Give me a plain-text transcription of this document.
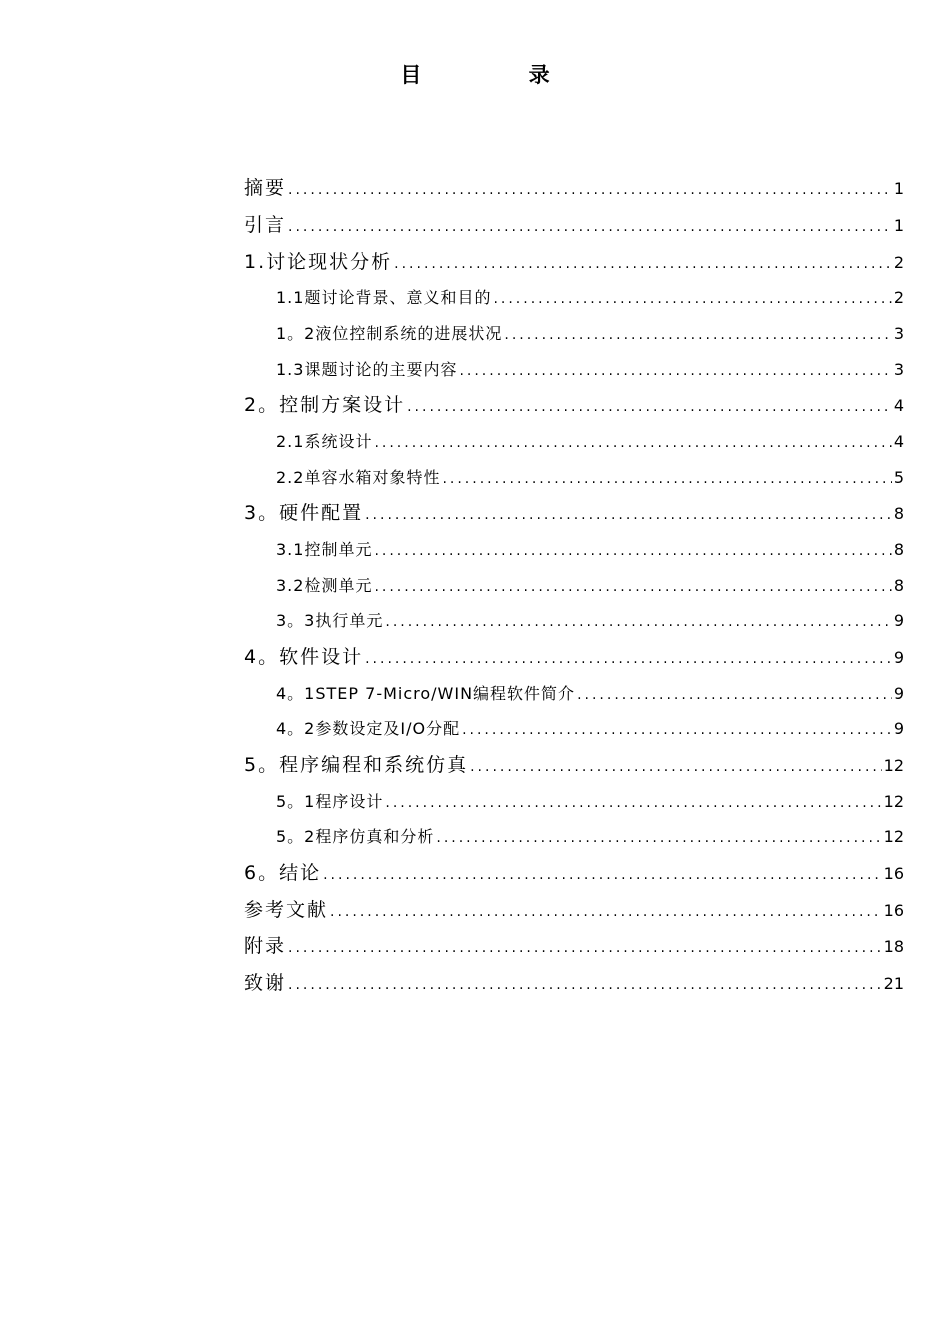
目 录
摘要 .....	1
引言 .....	1
1.讨论现状分析 .....	2
1.1题讨论背景、意义和目的 .....	2
1。2液位控制系统的进展状况 .....	3
1.3课题讨论的主要内容 .....	3
2。控制方案设计 .....	4
2.1系统设计 .....	4
2.2单容水箱对象特性 .....	5
3。硬件配置 .....	8
3.1控制单元 .....	8
3.2检测单元 .....	8
3。3执行单元 .....	9
4。软件设计 .....	9
4。1STEP 7-Micro/WIN编程软件简介 .....	9
4。2参数设定及I/O分配 .....	9
5。程序编程和系统仿真 .....	12
5。1程序设计 .....	12
5。2程序仿真和分析 .....	12
6。结论 .....	16
参考文献 .....	16
附录 .....	18
致谢 .....	21
